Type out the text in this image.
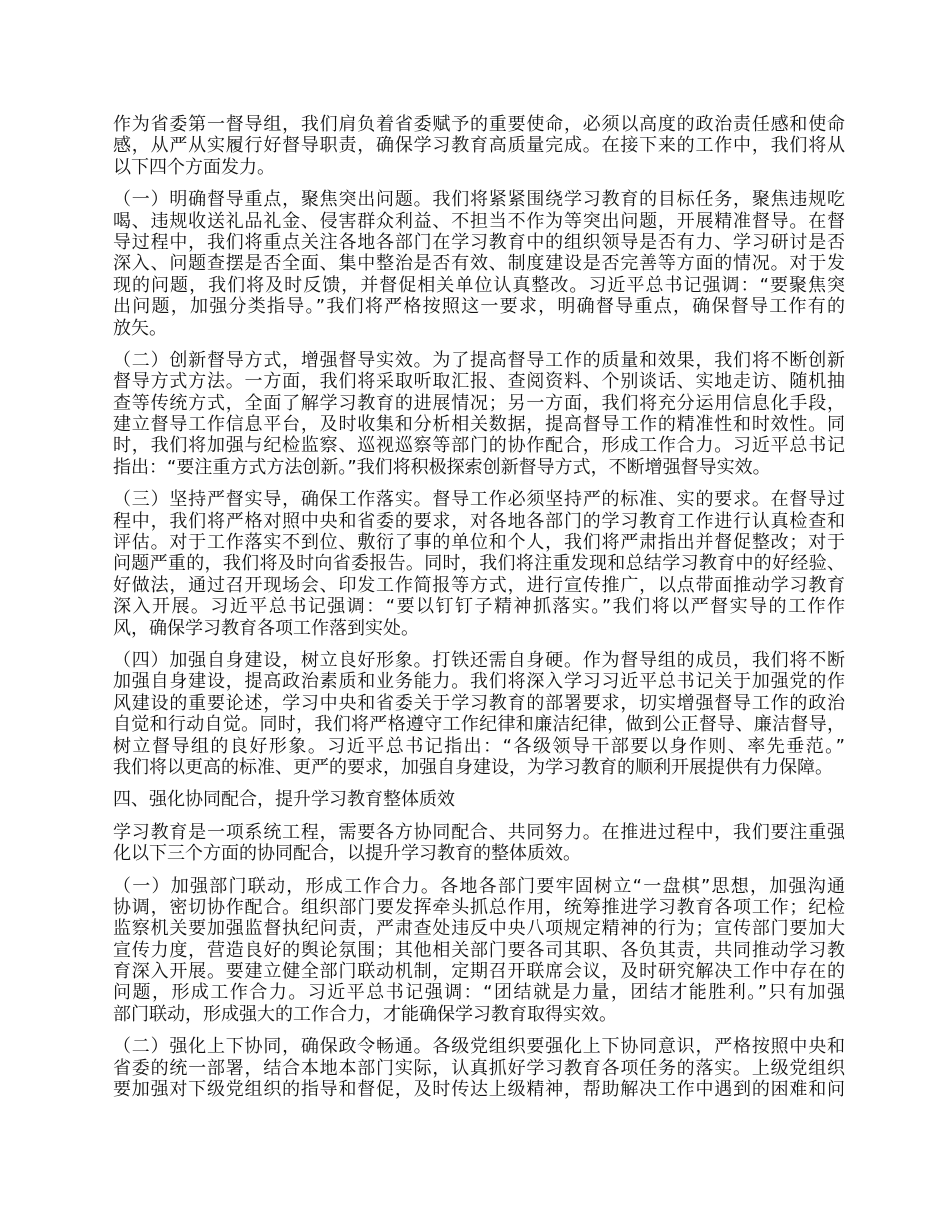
作为省委第一督导组，我们肩负着省委赋予的重要使命，必须以高度的政治责任感和使命
感，从严从实履行好督导职责，确保学习教育高质量完成。在接下来的工作中，我们将从
以下四个方面发力。
（一）明确督导重点，聚焦突出问题。我们将紧紧围绕学习教育的目标任务，聚焦违规吃
喝、违规收送礼品礼金、侵害群众利益、不担当不作为等突出问题，开展精准督导。在督
导过程中，我们将重点关注各地各部门在学习教育中的组织领导是否有力、学习研讨是否
深入、问题查摆是否全面、集中整治是否有效、制度建设是否完善等方面的情况。对于发
现的问题，我们将及时反馈，并督促相关单位认真整改。习近平总书记强调：“要聚焦突
出问题，加强分类指导。”我们将严格按照这一要求，明确督导重点，确保督导工作有的
放矢。
（二）创新督导方式，增强督导实效。为了提高督导工作的质量和效果，我们将不断创新
督导方式方法。一方面，我们将采取听取汇报、查阅资料、个别谈话、实地走访、随机抽
查等传统方式，全面了解学习教育的进展情况；另一方面，我们将充分运用信息化手段，
建立督导工作信息平台，及时收集和分析相关数据，提高督导工作的精准性和时效性。同
时，我们将加强与纪检监察、巡视巡察等部门的协作配合，形成工作合力。习近平总书记
指出：“要注重方式方法创新。”我们将积极探索创新督导方式，不断增强督导实效。
（三）坚持严督实导，确保工作落实。督导工作必须坚持严的标准、实的要求。在督导过
程中，我们将严格对照中央和省委的要求，对各地各部门的学习教育工作进行认真检查和
评估。对于工作落实不到位、敷衍了事的单位和个人，我们将严肃指出并督促整改；对于
问题严重的，我们将及时向省委报告。同时，我们将注重发现和总结学习教育中的好经验、
好做法，通过召开现场会、印发工作简报等方式，进行宣传推广，以点带面推动学习教育
深入开展。习近平总书记强调：“要以钉钉子精神抓落实。”我们将以严督实导的工作作
风，确保学习教育各项工作落到实处。
（四）加强自身建设，树立良好形象。打铁还需自身硬。作为督导组的成员，我们将不断
加强自身建设，提高政治素质和业务能力。我们将深入学习习近平总书记关于加强党的作
风建设的重要论述，学习中央和省委关于学习教育的部署要求，切实增强督导工作的政治
自觉和行动自觉。同时，我们将严格遵守工作纪律和廉洁纪律，做到公正督导、廉洁督导，
树立督导组的良好形象。习近平总书记指出：“各级领导干部要以身作则、率先垂范。”
我们将以更高的标准、更严的要求，加强自身建设，为学习教育的顺利开展提供有力保障。
四、强化协同配合，提升学习教育整体质效
学习教育是一项系统工程，需要各方协同配合、共同努力。在推进过程中，我们要注重强
化以下三个方面的协同配合，以提升学习教育的整体质效。
（一）加强部门联动，形成工作合力。各地各部门要牢固树立“一盘棋”思想，加强沟通
协调，密切协作配合。组织部门要发挥牵头抓总作用，统筹推进学习教育各项工作；纪检
监察机关要加强监督执纪问责，严肃查处违反中央八项规定精神的行为；宣传部门要加大
宣传力度，营造良好的舆论氛围；其他相关部门要各司其职、各负其责，共同推动学习教
育深入开展。要建立健全部门联动机制，定期召开联席会议，及时研究解决工作中存在的
问题，形成工作合力。习近平总书记强调：“团结就是力量，团结才能胜利。”只有加强
部门联动，形成强大的工作合力，才能确保学习教育取得实效。
（二）强化上下协同，确保政令畅通。各级党组织要强化上下协同意识，严格按照中央和
省委的统一部署，结合本地本部门实际，认真抓好学习教育各项任务的落实。上级党组织
要加强对下级党组织的指导和督促，及时传达上级精神，帮助解决工作中遇到的困难和问
